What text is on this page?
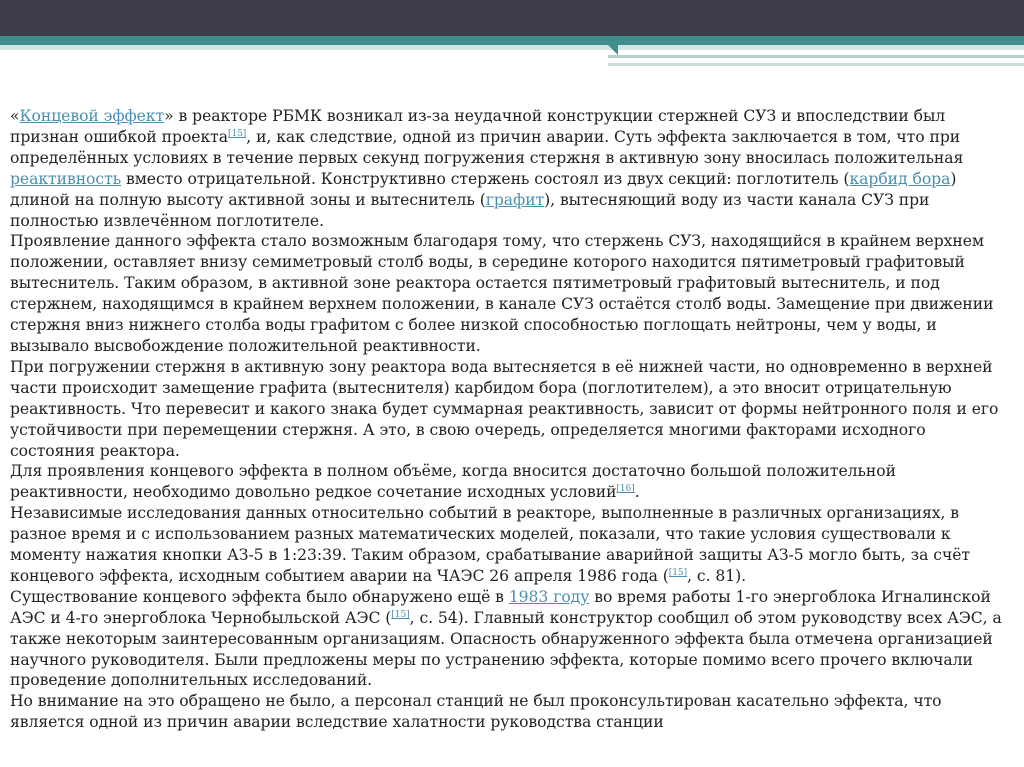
«Концевой эффект» в реакторе РБМК возникал из-за неудачной конструкции стержней СУЗ и впоследствии был признан ошибкой проекта[15], и, как следствие, одной из причин аварии. Суть эффекта заключается в том, что при определённых условиях в течение первых секунд погружения стержня в активную зону вносилась положительная реактивность вместо отрицательной. Конструктивно стержень состоял из двух секций: поглотитель (карбид бора) длиной на полную высоту активной зоны и вытеснитель (графит), вытесняющий воду из части канала СУЗ при полностью извлечённом поглотителе.

Проявление данного эффекта стало возможным благодаря тому, что стержень СУЗ, находящийся в крайнем верхнем положении, оставляет внизу семиметровый столб воды, в середине которого находится пятиметровый графитовый вытеснитель. Таким образом, в активной зоне реактора остается пятиметровый графитовый вытеснитель, и под стержнем, находящимся в крайнем верхнем положении, в канале СУЗ остаётся столб воды. Замещение при движении стержня вниз нижнего столба воды графитом с более низкой способностью поглощать нейтроны, чем у воды, и вызывало высвобождение положительной реактивности.

При погружении стержня в активную зону реактора вода вытесняется в её нижней части, но одновременно в верхней части происходит замещение графита (вытеснителя) карбидом бора (поглотителем), а это вносит отрицательную реактивность. Что перевесит и какого знака будет суммарная реактивность, зависит от формы нейтронного поля и его устойчивости при перемещении стержня. А это, в свою очередь, определяется многими факторами исходного состояния реактора.

Для проявления концевого эффекта в полном объёме, когда вносится достаточно большой положительной реактивности, необходимо довольно редкое сочетание исходных условий[16].

Независимые исследования данных относительно событий в реакторе, выполненные в различных организациях, в разное время и с использованием разных математических моделей, показали, что такие условия существовали к моменту нажатия кнопки АЗ-5 в 1:23:39. Таким образом, срабатывание аварийной защиты АЗ-5 могло быть, за счёт концевого эффекта, исходным событием аварии на ЧАЭС 26 апреля 1986 года ([15], с. 81).

Существование концевого эффекта было обнаружено ещё в 1983 году во время работы 1-го энергоблока Игналинской АЭС и 4-го энергоблока Чернобыльской АЭС ([15], с. 54). Главный конструктор сообщил об этом руководству всех АЭС, а также некоторым заинтересованным организациям. Опасность обнаруженного эффекта была отмечена организацией научного руководителя. Были предложены меры по устранению эффекта, которые помимо всего прочего включали проведение дополнительных исследований.

Но внимание на это обращено не было, а персонал станций не был проконсультирован касательно эффекта, что является одной из причин аварии вследствие халатности руководства станции
